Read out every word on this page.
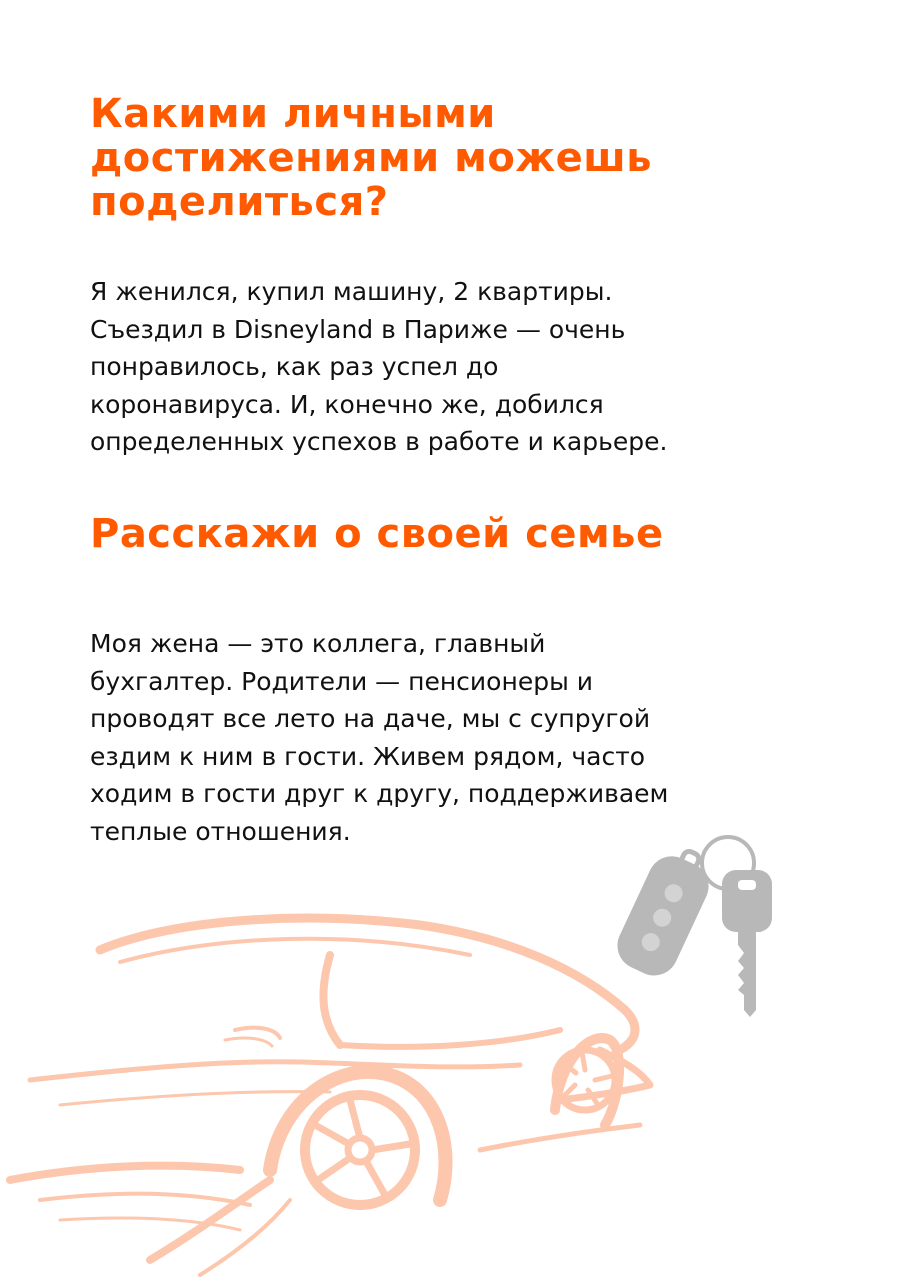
Какими личными
достижениями можешь
поделиться?
Я женился, купил машину, 2 квартиры.
Съездил в Disneyland в Париже — очень
понравилось, как раз успел до
коронавируса. И, конечно же, добился
определенных успехов в работе и карьере.
Расскажи о своей семье
Моя жена — это коллега, главный
бухгалтер. Родители — пенсионеры и
проводят все лето на даче, мы с супругой
ездим к ним в гости. Живем рядом, часто
ходим в гости друг к другу, поддерживаем
теплые отношения.
